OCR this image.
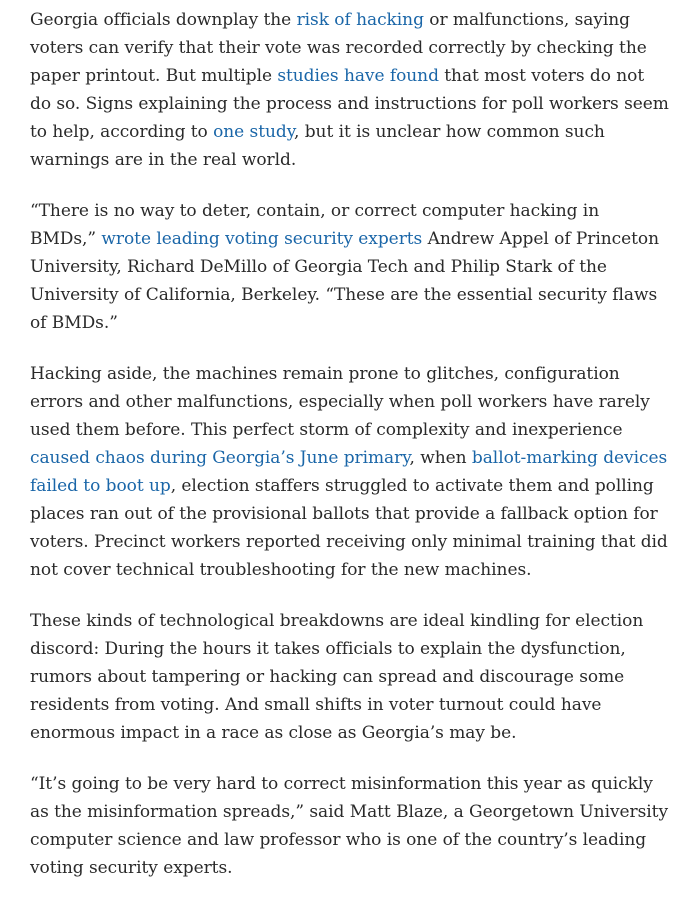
Georgia officials downplay the risk of hacking or malfunctions, saying voters can verify that their vote was recorded correctly by checking the paper printout. But multiple studies have found that most voters do not do so. Signs explaining the process and instructions for poll workers seem to help, according to one study, but it is unclear how common such warnings are in the real world.

“There is no way to deter, contain, or correct computer hacking in BMDs,” wrote leading voting security experts Andrew Appel of Princeton University, Richard DeMillo of Georgia Tech and Philip Stark of the University of California, Berkeley. “These are the essential security flaws of BMDs.”

Hacking aside, the machines remain prone to glitches, configuration errors and other malfunctions, especially when poll workers have rarely used them before. This perfect storm of complexity and inexperience caused chaos during Georgia’s June primary, when ballot-marking devices failed to boot up, election staffers struggled to activate them and polling places ran out of the provisional ballots that provide a fallback option for voters. Precinct workers reported receiving only minimal training that did not cover technical troubleshooting for the new machines.

These kinds of technological breakdowns are ideal kindling for election discord: During the hours it takes officials to explain the dysfunction, rumors about tampering or hacking can spread and discourage some residents from voting. And small shifts in voter turnout could have enormous impact in a race as close as Georgia’s may be.

“It’s going to be very hard to correct misinformation this year as quickly as the misinformation spreads,” said Matt Blaze, a Georgetown University computer science and law professor who is one of the country’s leading voting security experts.
